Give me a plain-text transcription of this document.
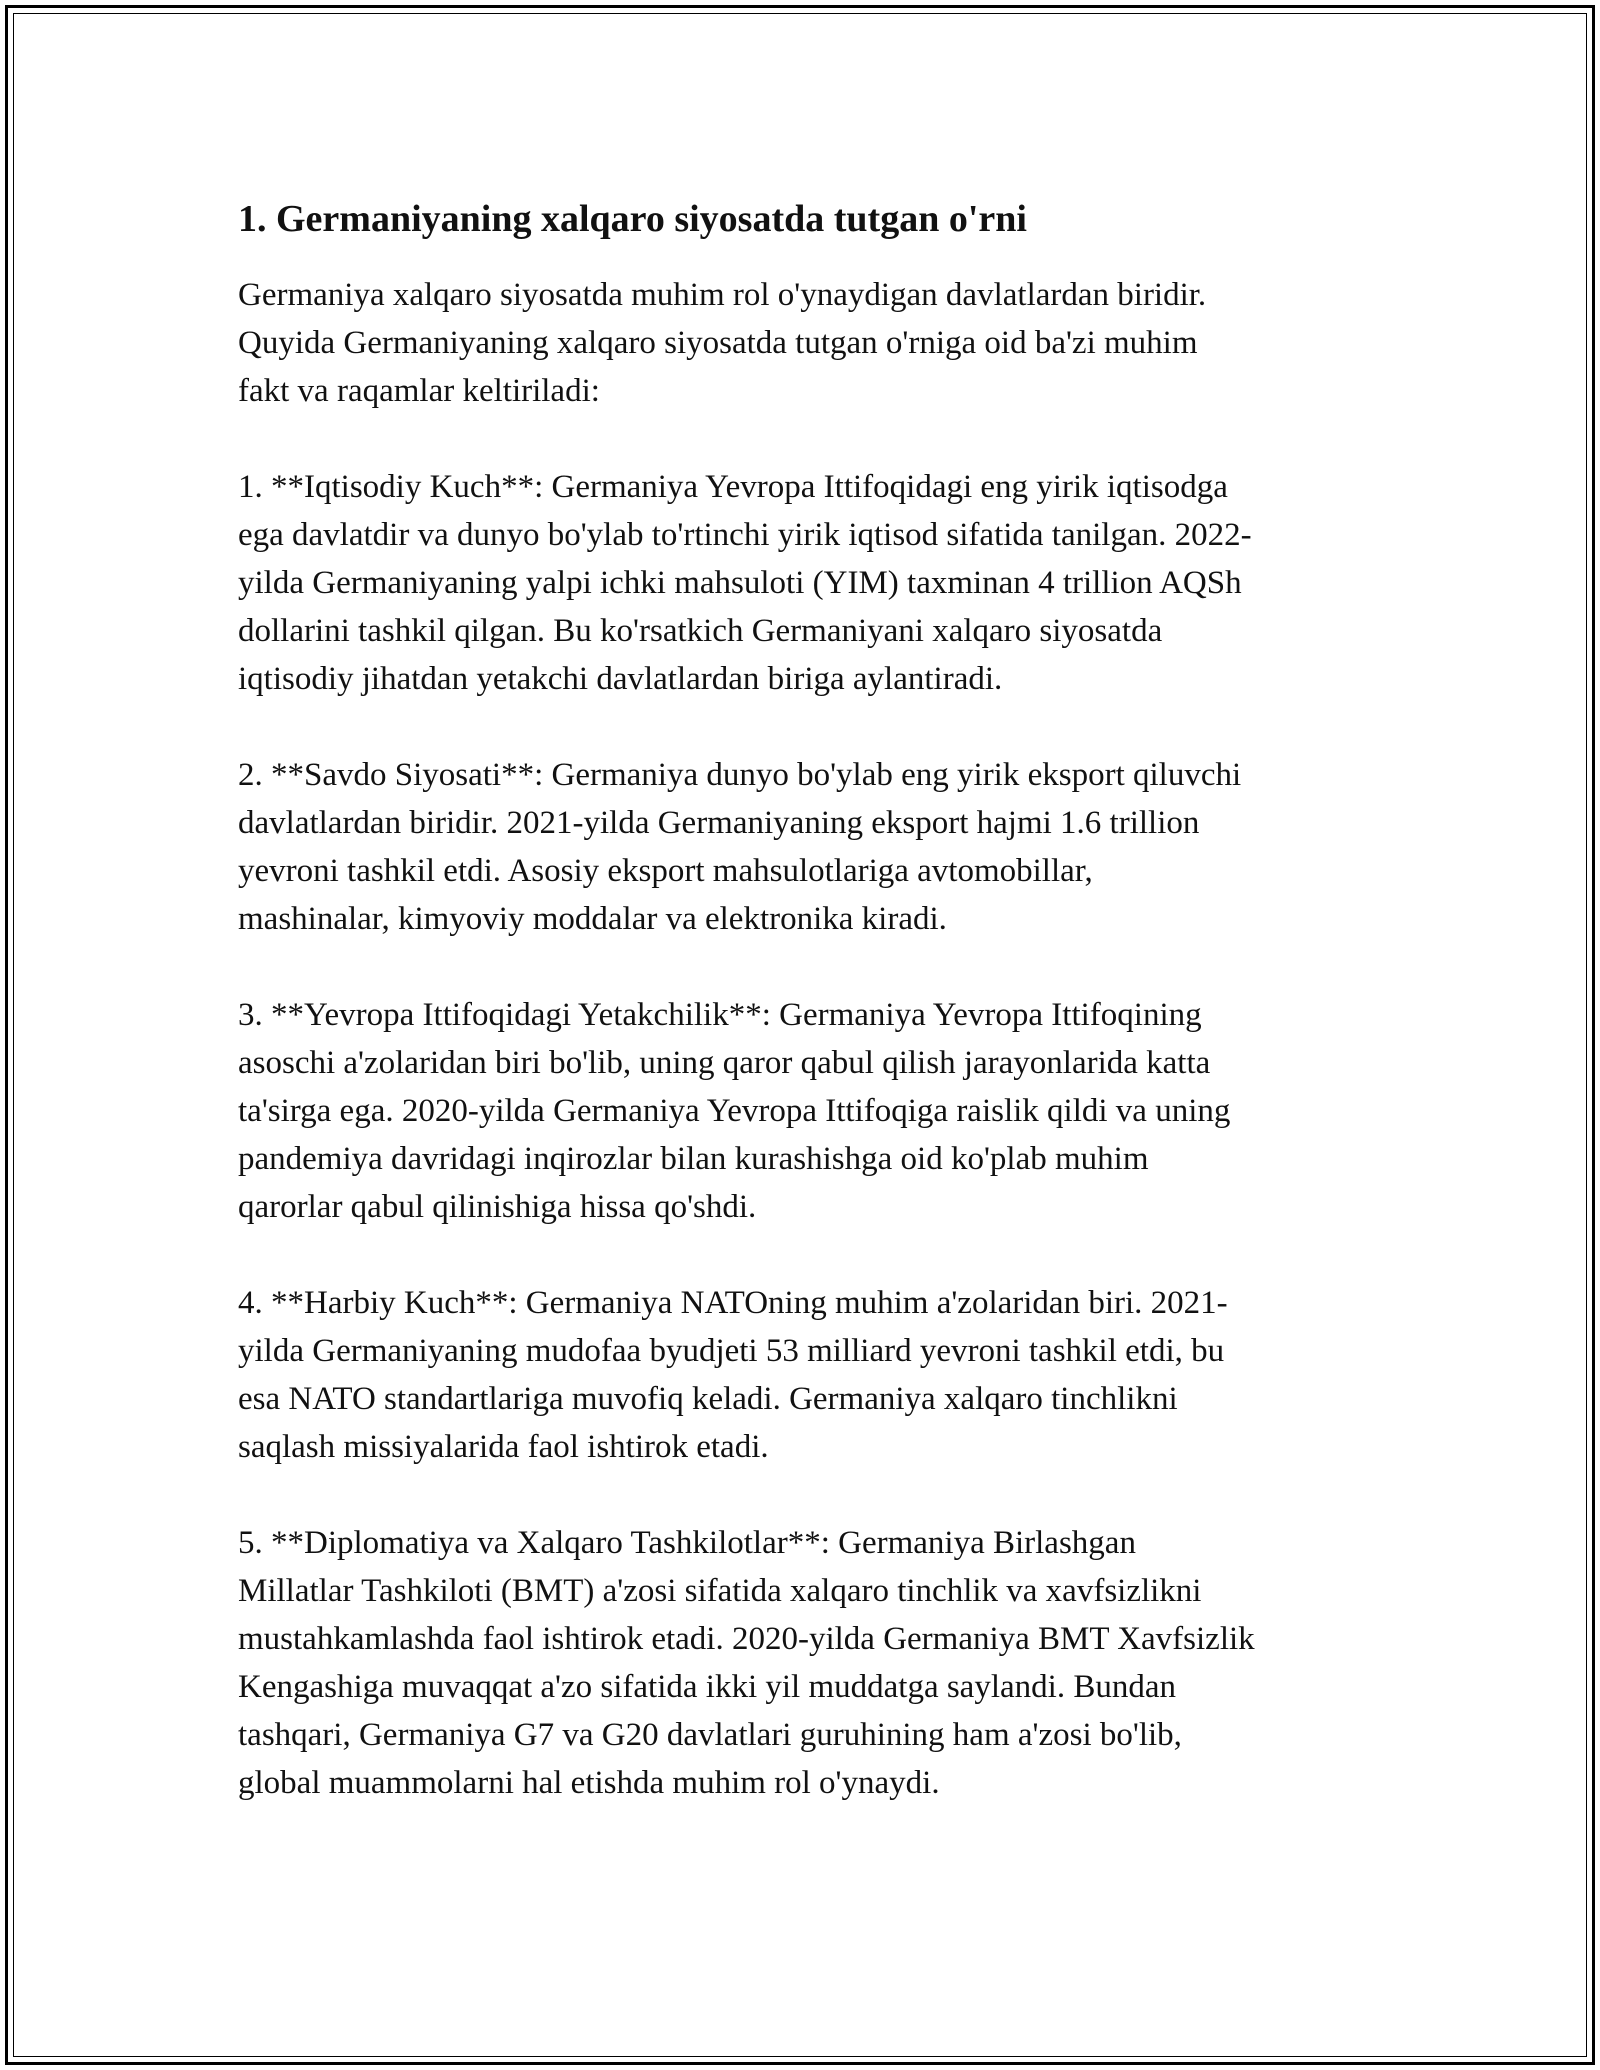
1. Germaniyaning xalqaro siyosatda tutgan o'rni

Germaniya xalqaro siyosatda muhim rol o'ynaydigan davlatlardan biridir.
Quyida Germaniyaning xalqaro siyosatda tutgan o'rniga oid ba'zi muhim
fakt va raqamlar keltiriladi:

1. **Iqtisodiy Kuch**: Germaniya Yevropa Ittifoqidagi eng yirik iqtisodga
ega davlatdir va dunyo bo'ylab to'rtinchi yirik iqtisod sifatida tanilgan. 2022-
yilda Germaniyaning yalpi ichki mahsuloti (YIM) taxminan 4 trillion AQSh
dollarini tashkil qilgan. Bu ko'rsatkich Germaniyani xalqaro siyosatda
iqtisodiy jihatdan yetakchi davlatlardan biriga aylantiradi.

2. **Savdo Siyosati**: Germaniya dunyo bo'ylab eng yirik eksport qiluvchi
davlatlardan biridir. 2021-yilda Germaniyaning eksport hajmi 1.6 trillion
yevroni tashkil etdi. Asosiy eksport mahsulotlariga avtomobillar,
mashinalar, kimyoviy moddalar va elektronika kiradi.

3. **Yevropa Ittifoqidagi Yetakchilik**: Germaniya Yevropa Ittifoqining
asoschi a'zolaridan biri bo'lib, uning qaror qabul qilish jarayonlarida katta
ta'sirga ega. 2020-yilda Germaniya Yevropa Ittifoqiga raislik qildi va uning
pandemiya davridagi inqirozlar bilan kurashishga oid ko'plab muhim
qarorlar qabul qilinishiga hissa qo'shdi.

4. **Harbiy Kuch**: Germaniya NATOning muhim a'zolaridan biri. 2021-
yilda Germaniyaning mudofaa byudjeti 53 milliard yevroni tashkil etdi, bu
esa NATO standartlariga muvofiq keladi. Germaniya xalqaro tinchlikni
saqlash missiyalarida faol ishtirok etadi.

5. **Diplomatiya va Xalqaro Tashkilotlar**: Germaniya Birlashgan
Millatlar Tashkiloti (BMT) a'zosi sifatida xalqaro tinchlik va xavfsizlikni
mustahkamlashda faol ishtirok etadi. 2020-yilda Germaniya BMT Xavfsizlik
Kengashiga muvaqqat a'zo sifatida ikki yil muddatga saylandi. Bundan
tashqari, Germaniya G7 va G20 davlatlari guruhining ham a'zosi bo'lib,
global muammolarni hal etishda muhim rol o'ynaydi.
